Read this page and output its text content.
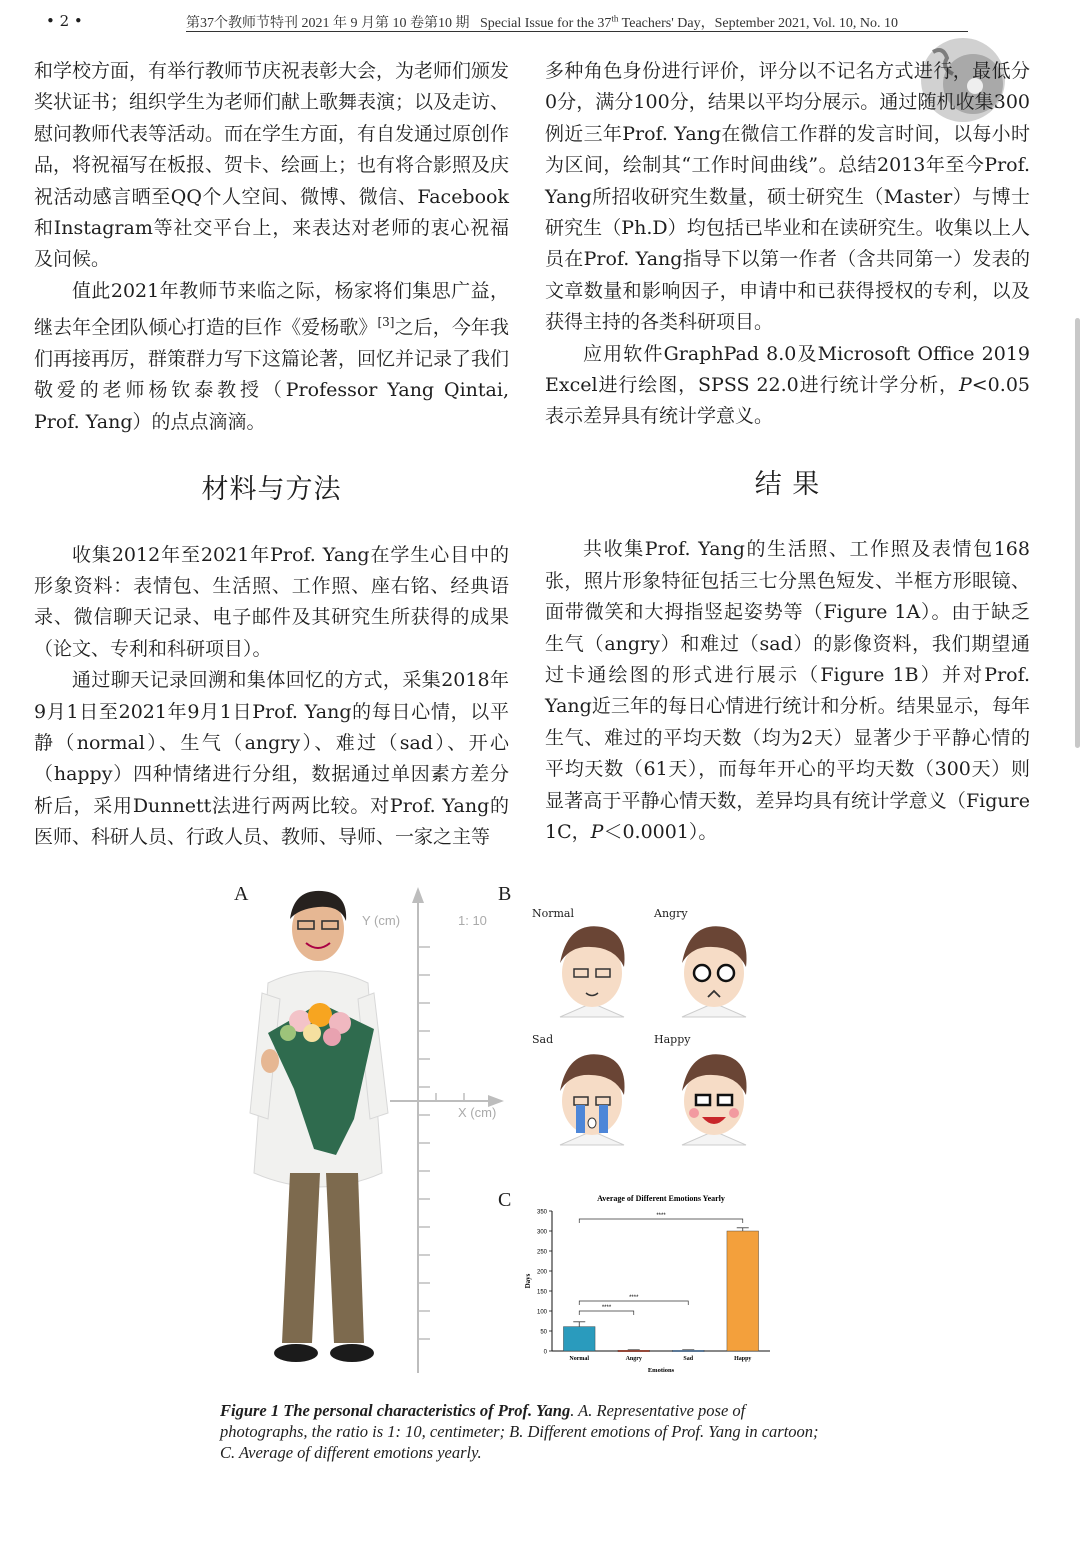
• 2 •	第37个教师节特刊 2021 年 9 月第 10 卷第10 期 Special Issue for the 37th Teachers' Day，September 2021, Vol. 10, No. 10

和学校方面，有举行教师节庆祝表彰大会，为老师们颁发奖状证书；组织学生为老师们献上歌舞表演；以及走访、慰问教师代表等活动。而在学生方面，有自发通过原创作品，将祝福写在板报、贺卡、绘画上；也有将合影照及庆祝活动感言晒至QQ个人空间、微博、微信、Facebook和Instagram等社交平台上，来表达对老师的衷心祝福及问候。

值此2021年教师节来临之际，杨家将们集思广益，继去年全团队倾心打造的巨作《爱杨歌》[3]之后，今年我们再接再厉，群策群力写下这篇论著，回忆并记录了我们敬爱的老师杨钦泰教授（Professor Yang Qintai, Prof. Yang）的点点滴滴。

材料与方法

收集2012年至2021年Prof. Yang在学生心目中的形象资料：表情包、生活照、工作照、座右铭、经典语录、微信聊天记录、电子邮件及其研究生所获得的成果（论文、专利和科研项目）。

通过聊天记录回溯和集体回忆的方式，采集2018年9月1日至2021年9月1日Prof. Yang的每日心情，以平静（normal）、生气（angry）、难过（sad）、开心（happy）四种情绪进行分组，数据通过单因素方差分析后，采用Dunnett法进行两两比较。对Prof. Yang的医师、科研人员、行政人员、教师、导师、一家之主等

多种角色身份进行评价，评分以不记名方式进行，最低分0分，满分100分，结果以平均分展示。通过随机收集300例近三年Prof. Yang在微信工作群的发言时间，以每小时为区间，绘制其“工作时间曲线”。总结2013年至今Prof. Yang所招收研究生数量，硕士研究生（Master）与博士研究生（Ph.D）均包括已毕业和在读研究生。收集以上人员在Prof. Yang指导下以第一作者（含共同第一）发表的文章数量和影响因子，申请中和已获得授权的专利，以及获得主持的各类科研项目。

应用软件GraphPad 8.0及Microsoft Office 2019 Excel进行绘图，SPSS 22.0进行统计学分析，P<0.05表示差异具有统计学意义。

结 果

共收集Prof. Yang的生活照、工作照及表情包168张，照片形象特征包括三七分黑色短发、半框方形眼镜、面带微笑和大拇指竖起姿势等（Figure 1A）。由于缺乏生气（angry）和难过（sad）的影像资料，我们期望通过卡通绘图的形式进行展示（Figure 1B）并对Prof. Yang近三年的每日心情进行统计和分析。结果显示，每年生气、难过的平均天数（均为2天）显著少于平静心情的平均天数（61天），而每年开心的平均天数（300天）则显著高于平静心情天数，差异均具有统计学意义（Figure 1C，P＜0.0001）。

A	B
C
Y (cm)	1: 10
X (cm)
Normal	Angry
Sad	Happy
Average of Different Emotions Yearly
0
50
100
150
200
250
300
350
Days
Normal	Angry	Sad	Happy
Emotions
****
****
****
Figure 1 The personal characteristics of Prof. Yang. A. Representative pose of photographs, the ratio is 1: 10, centimeter; B. Different emotions of Prof. Yang in cartoon; C. Average of different emotions yearly.
